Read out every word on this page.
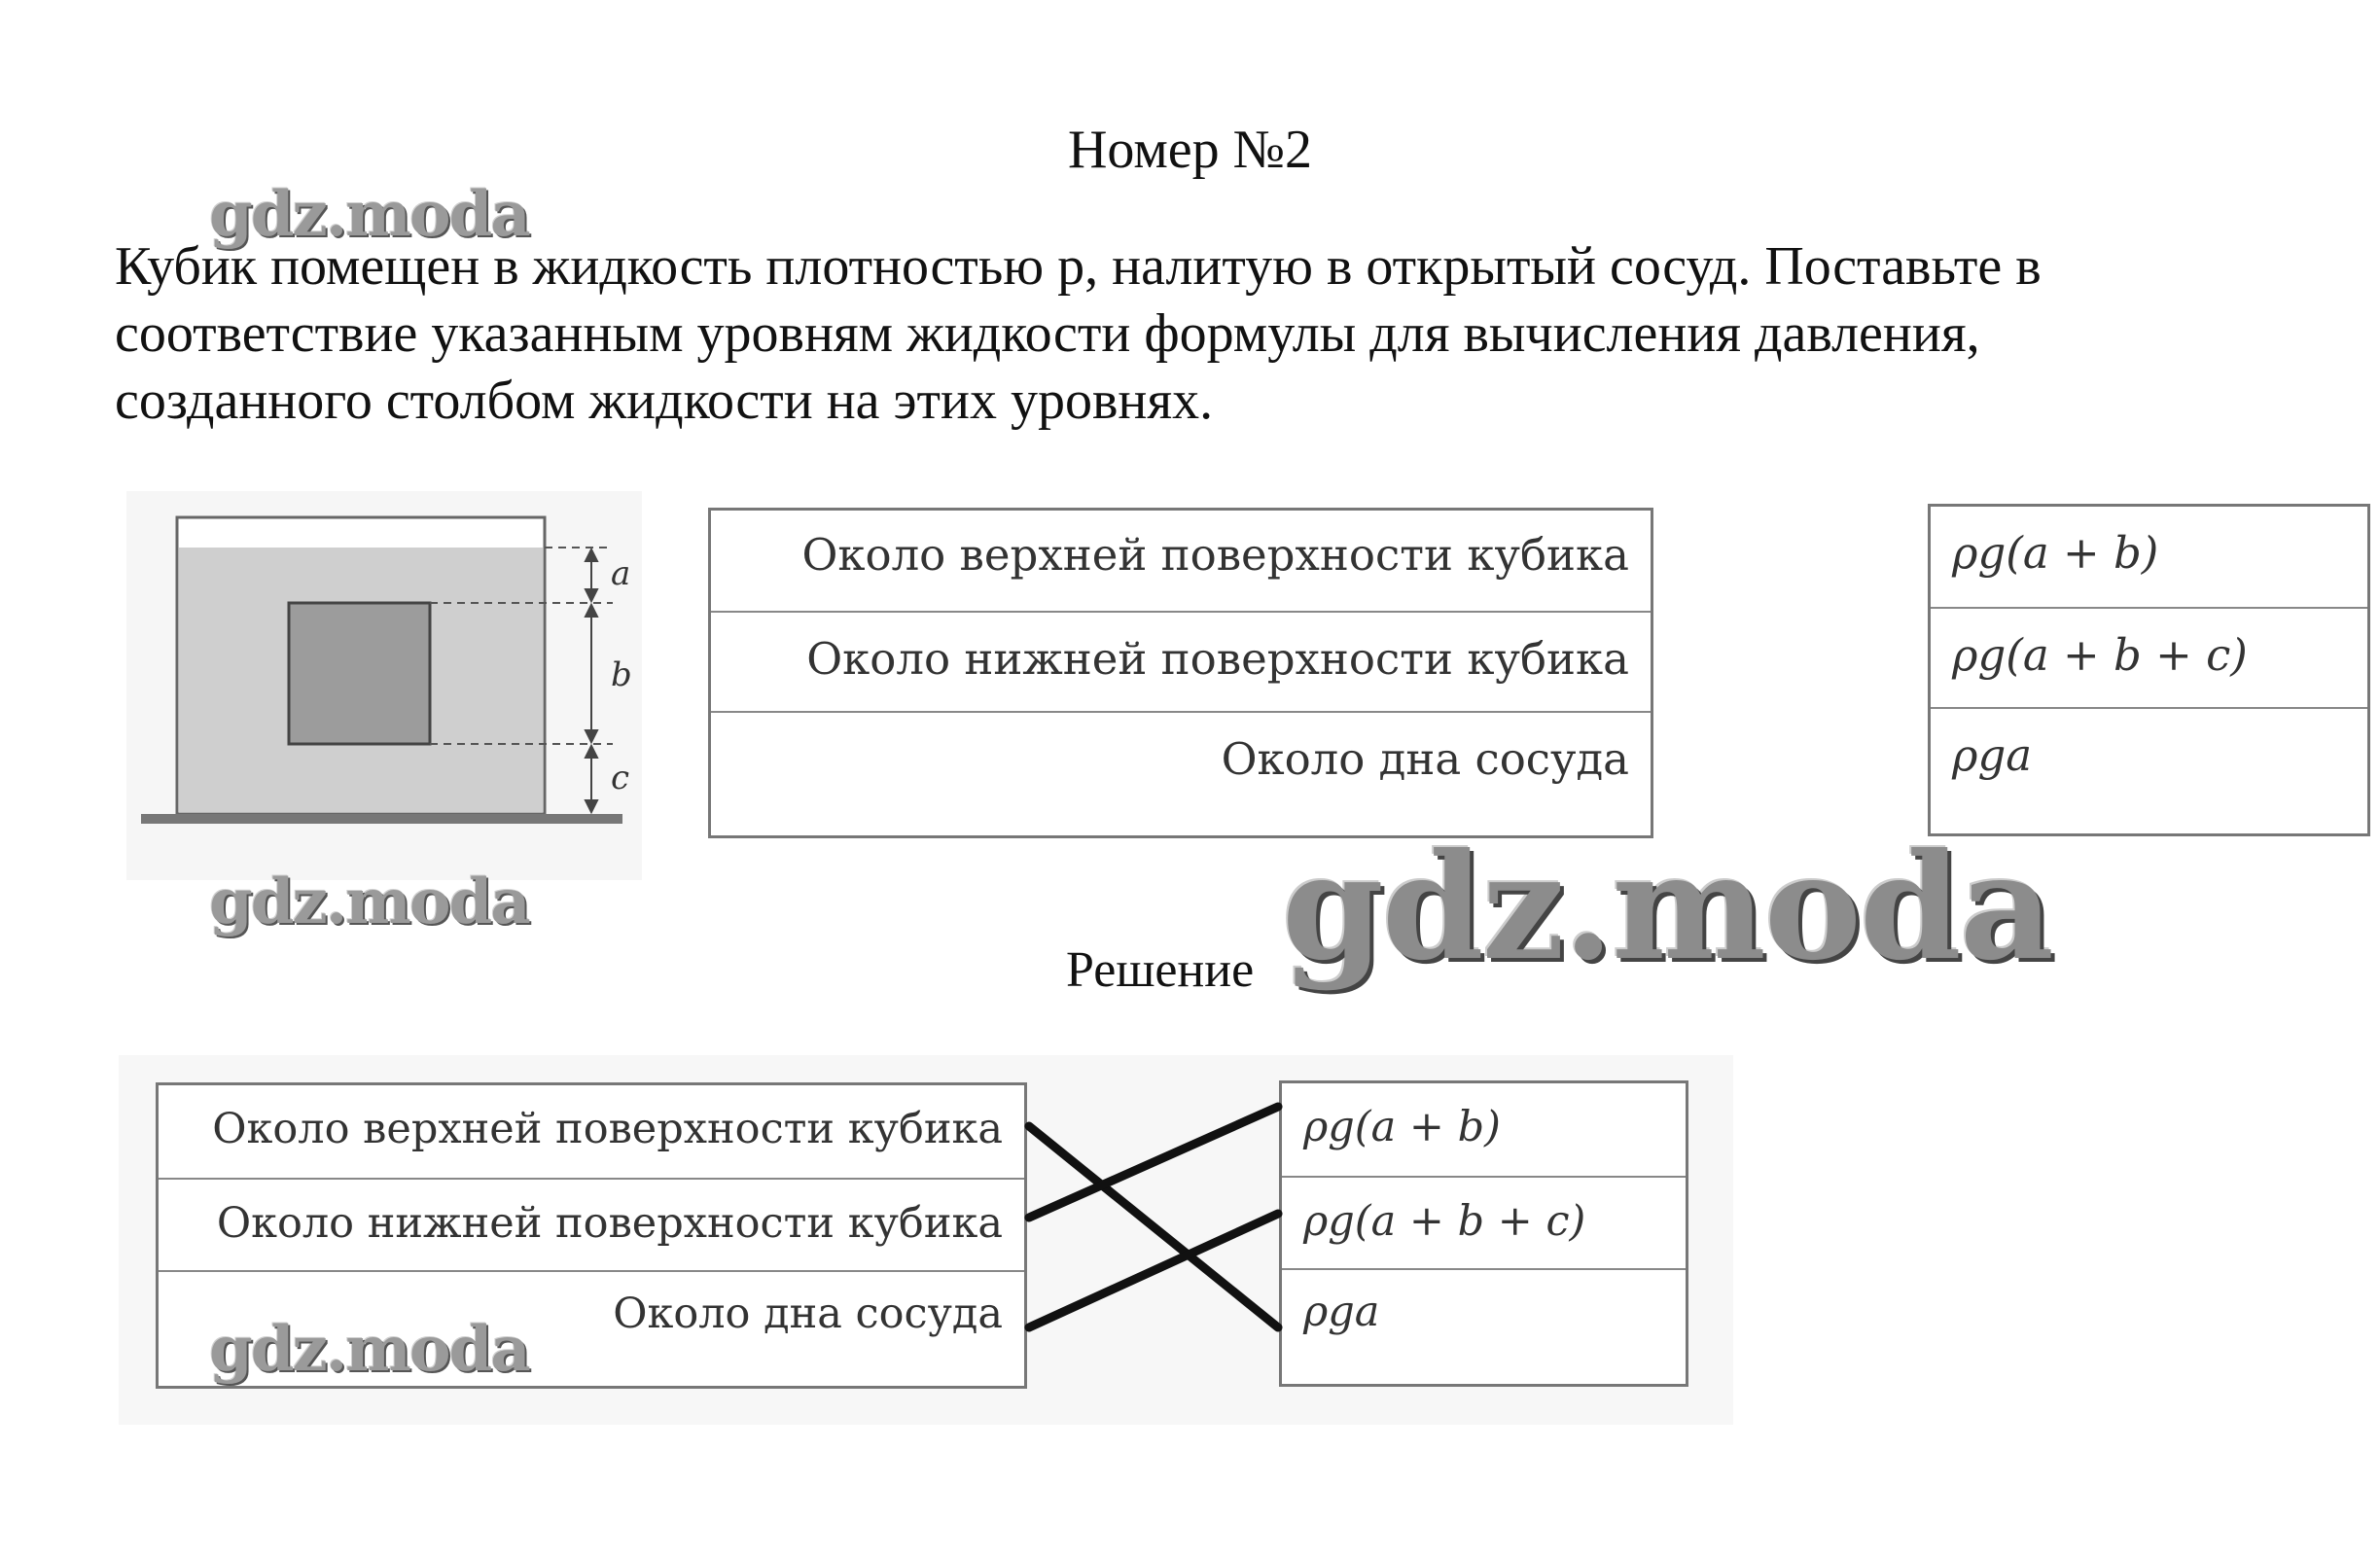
Номер №2
gdz.moda
Кубик помещен в жидкость плотностью р, налитую в открытый сосуд. Поставьте в
соответствие указанным уровням жидкости формулы для вычисления давления,
созданного столбом жидкости на этих уровнях.
a
b
c
Около верхней поверхности кубика
Около нижней поверхности кубика
Около дна сосуда
ρg(a + b)
ρg(a + b + c)
ρga
gdz.moda	gdz.moda
Решение
Около верхней поверхности кубика
Около нижней поверхности кубика
Около дна сосуда
ρg(a + b)
ρg(a + b + c)
ρga
gdz.moda
